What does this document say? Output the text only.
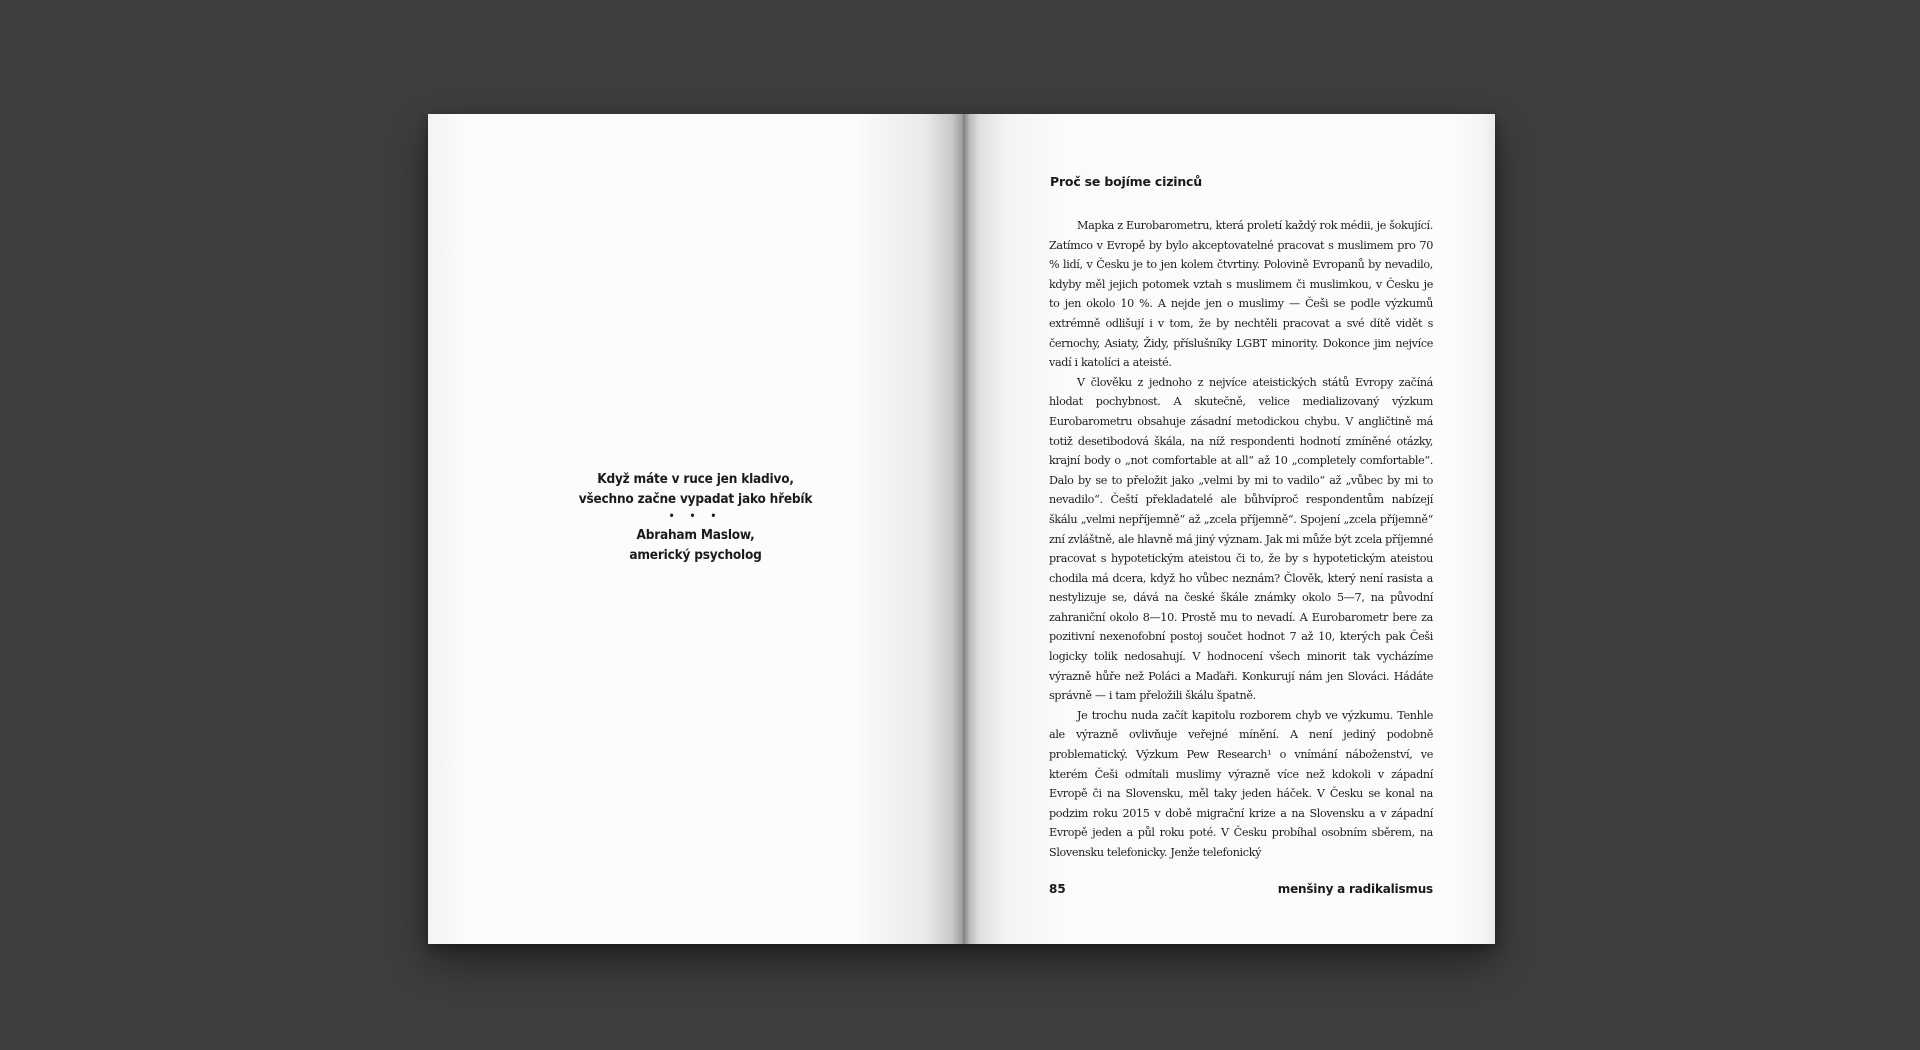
Když máte v ruce jen kladivo,
všechno začne vypadat jako hřebík
• • •
Abraham Maslow,
americký psycholog
Proč se bojíme cizinců

Mapka z Eurobarometru, která proletí každý rok médii, je šokující. Zatímco v Evropě by bylo akceptovatelné pracovat s muslimem pro 70 % lidí, v Česku je to jen kolem čtvrtiny. Polovině Evropanů by nevadilo, kdyby měl jejich potomek vztah s muslimem či muslimkou, v Česku je to jen okolo 10 %. A nejde jen o muslimy — Češi se podle výzkumů extrémně odlišují i v tom, že by nechtěli pracovat a své dítě vidět s černochy, Asiaty, Židy, příslušníky LGBT minority. Dokonce jim nejvíce vadí i katolíci a ateisté.

V člověku z jednoho z nejvíce ateistických států Evropy začíná hlodat pochybnost. A skutečně, velice medializovaný výzkum Eurobarometru obsahuje zásadní metodickou chybu. V angličtině má totiž desetibodová škála, na níž respondenti hodnotí zmíněné otázky, krajní body o „not comfortable at all“ až 10 „completely comfortable“. Dalo by se to přeložit jako „velmi by mi to vadilo“ až „vůbec by mi to nevadilo“. Čeští překladatelé ale bůhvíproč respondentům nabízejí škálu „velmi nepříjemně“ až „zcela příjemně“. Spojení „zcela příjemně“ zní zvláštně, ale hlavně má jiný význam. Jak mi může být zcela příjemné pracovat s hypotetickým ateistou či to, že by s hypotetickým ateistou chodila má dcera, když ho vůbec neznám? Člověk, který není rasista a nestylizuje se, dává na české škále známky okolo 5—7, na původní zahraniční okolo 8—10. Prostě mu to nevadí. A Eurobarometr bere za pozitivní nexenofobní postoj součet hodnot 7 až 10, kterých pak Češi logicky tolik nedosahují. V hodnocení všech minorit tak vycházíme výrazně hůře než Poláci a Maďaři. Konkurují nám jen Slováci. Hádáte správně — i tam přeložili škálu špatně.

Je trochu nuda začít kapitolu rozborem chyb ve výzkumu. Tenhle ale výrazně ovlivňuje veřejné mínění. A není jediný podobně problematický. Výzkum Pew Research¹ o vnímání náboženství, ve kterém Češi odmítali muslimy výrazně více než kdokoli v západní Evropě či na Slovensku, měl taky jeden háček. V Česku se konal na podzim roku 2015 v době migrační krize a na Slovensku a v západní Evropě jeden a půl roku poté. V Česku probíhal osobním sběrem, na Slovensku telefonicky. Jenže telefonický

85	menšiny a radikalismus
